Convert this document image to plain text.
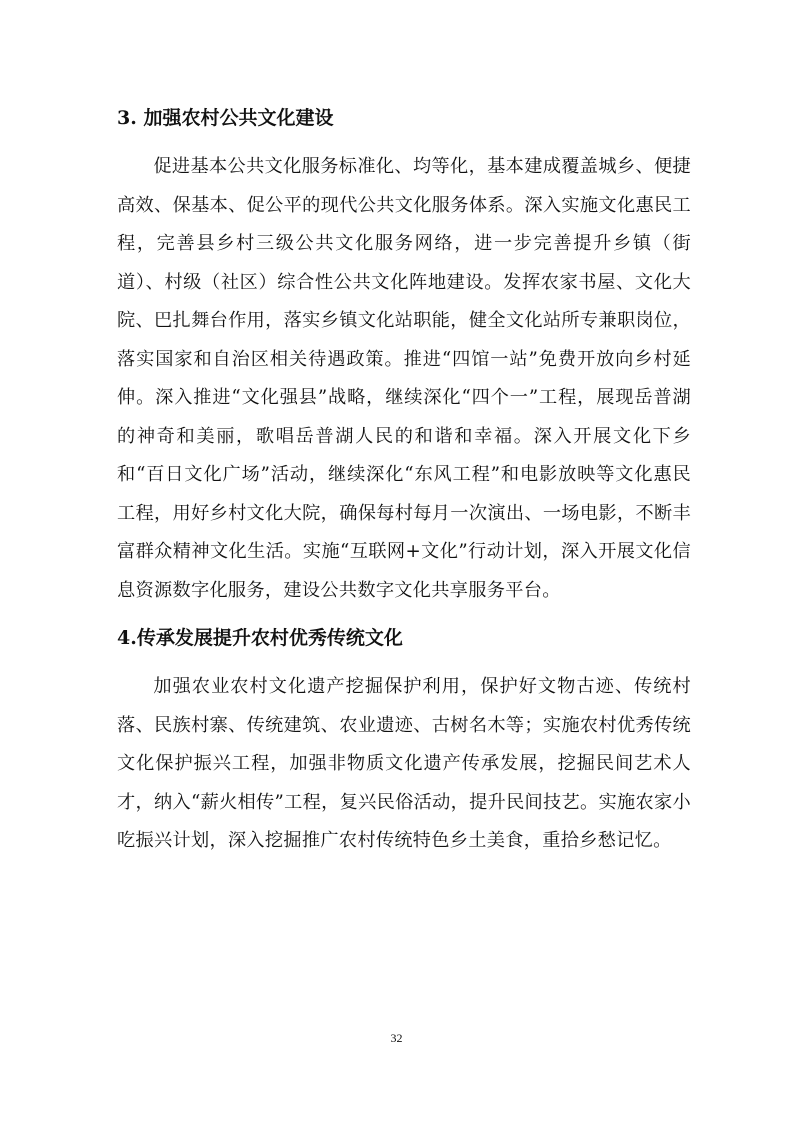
3. 加强农村公共文化建设

促进基本公共文化服务标准化、均等化，基本建成覆盖城乡、便捷高效、保基本、促公平的现代公共文化服务体系。深入实施文化惠民工程，完善县乡村三级公共文化服务网络，进一步完善提升乡镇（街道）、村级（社区）综合性公共文化阵地建设。发挥农家书屋、文化大院、巴扎舞台作用，落实乡镇文化站职能，健全文化站所专兼职岗位，落实国家和自治区相关待遇政策。推进“四馆一站”免费开放向乡村延伸。深入推进“文化强县”战略，继续深化“四个一”工程，展现岳普湖的神奇和美丽，歌唱岳普湖人民的和谐和幸福。深入开展文化下乡和“百日文化广场”活动，继续深化“东风工程”和电影放映等文化惠民工程，用好乡村文化大院，确保每村每月一次演出、一场电影，不断丰富群众精神文化生活。实施“互联网+文化”行动计划，深入开展文化信息资源数字化服务，建设公共数字文化共享服务平台。

4.传承发展提升农村优秀传统文化

加强农业农村文化遗产挖掘保护利用，保护好文物古迹、传统村落、民族村寨、传统建筑、农业遗迹、古树名木等；实施农村优秀传统文化保护振兴工程，加强非物质文化遗产传承发展，挖掘民间艺术人才，纳入“薪火相传”工程，复兴民俗活动，提升民间技艺。实施农家小吃振兴计划，深入挖掘推广农村传统特色乡土美食，重拾乡愁记忆。

32
